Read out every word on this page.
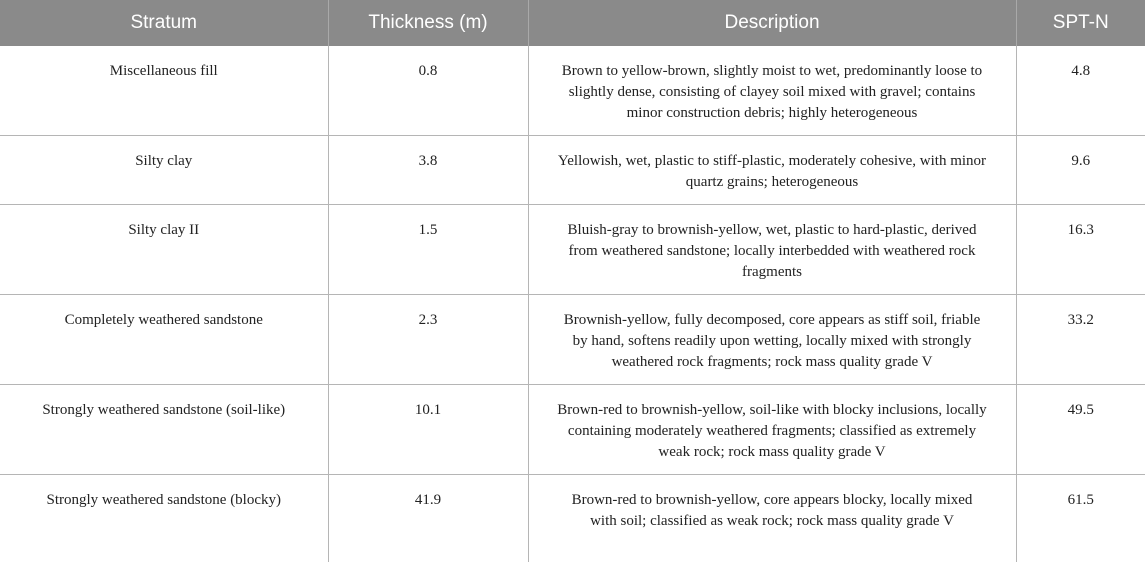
Stratum	Thickness (m)	Description	SPT-N
Miscellaneous fill	0.8	Brown to yellow-brown, slightly moist to wet, predominantly loose to slightly dense, consisting of clayey soil mixed with gravel; contains minor construction debris; highly heterogeneous	4.8
Silty clay	3.8	Yellowish, wet, plastic to stiff-plastic, moderately cohesive, with minor quartz grains; heterogeneous	9.6
Silty clay II	1.5	Bluish-gray to brownish-yellow, wet, plastic to hard-plastic, derived from weathered sandstone; locally interbedded with weathered rock fragments	16.3
Completely weathered sandstone	2.3	Brownish-yellow, fully decomposed, core appears as stiff soil, friable by hand, softens readily upon wetting, locally mixed with strongly weathered rock fragments; rock mass quality grade V	33.2
Strongly weathered sandstone (soil-like)	10.1	Brown-red to brownish-yellow, soil-like with blocky inclusions, locally containing moderately weathered fragments; classified as extremely weak rock; rock mass quality grade V	49.5
Strongly weathered sandstone (blocky)	41.9	Brown-red to brownish-yellow, core appears blocky, locally mixed with soil; classified as weak rock; rock mass quality grade V	61.5
